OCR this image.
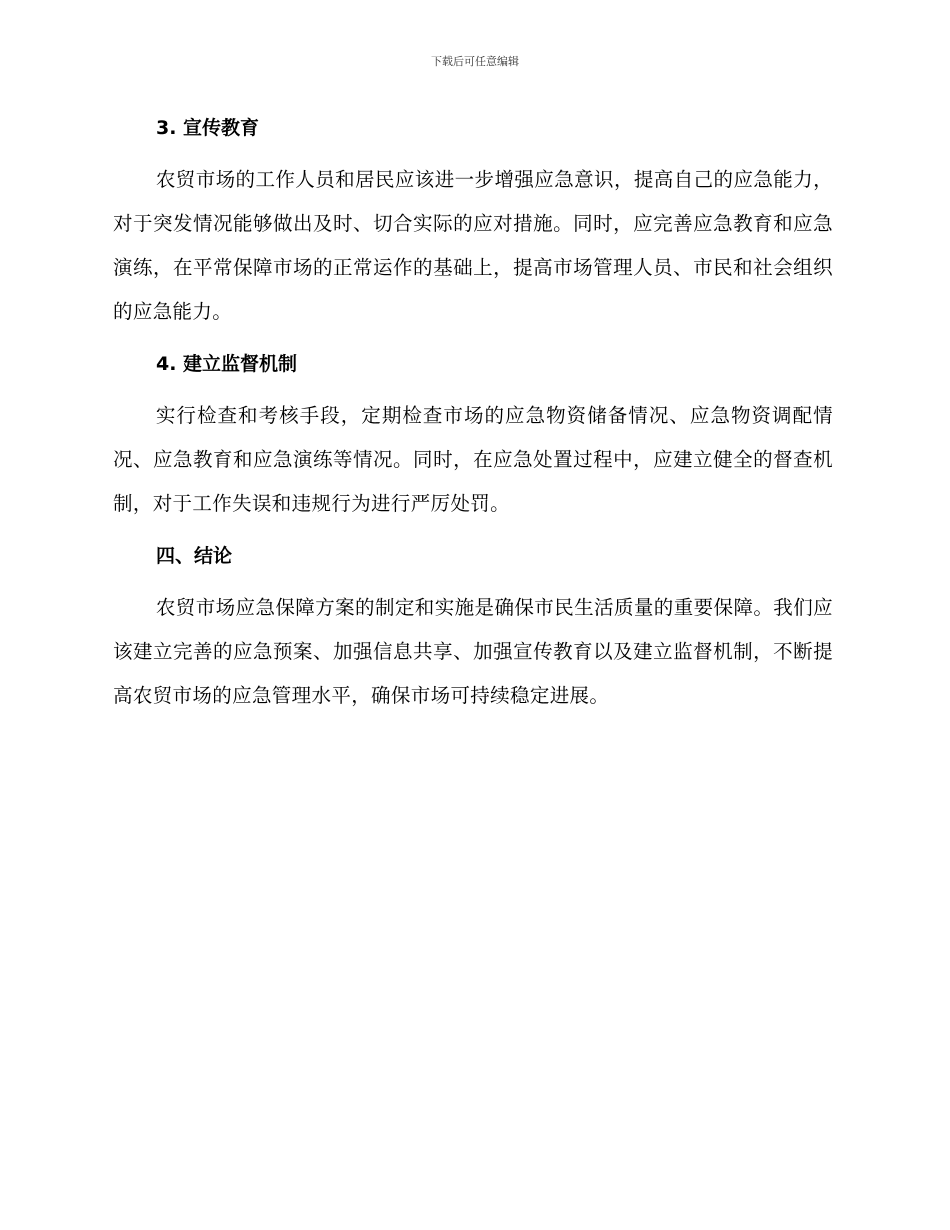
下载后可任意编辑
3. 宣传教育

农贸市场的工作人员和居民应该进一步增强应急意识，提高自己的应急能力，对于突发情况能够做出及时、切合实际的应对措施。同时，应完善应急教育和应急演练，在平常保障市场的正常运作的基础上，提高市场管理人员、市民和社会组织的应急能力。

4. 建立监督机制

实行检查和考核手段，定期检查市场的应急物资储备情况、应急物资调配情况、应急教育和应急演练等情况。同时，在应急处置过程中，应建立健全的督查机制，对于工作失误和违规行为进行严厉处罚。

四、结论

农贸市场应急保障方案的制定和实施是确保市民生活质量的重要保障。我们应该建立完善的应急预案、加强信息共享、加强宣传教育以及建立监督机制，不断提高农贸市场的应急管理水平，确保市场可持续稳定进展。
